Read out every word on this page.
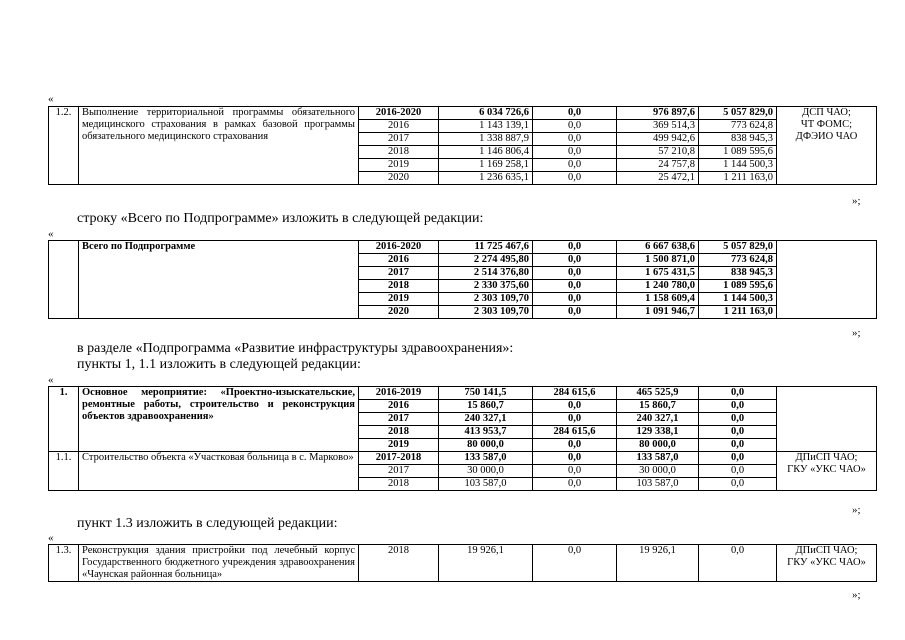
«
1.2.	Выполнение территориальной программы обязательного медицинского страхования в рамках базовой программы обязательного медицинского страхования	2016-2020	6 034 726,6	0,0	976 897,6	5 057 829,0	ДСП ЧАО;
ЧТ ФОМС;
ДФЭИО ЧАО

		2016	1 143 139,1	0,0	369 514,3	773 624,8	
		2017	1 338 887,9	0,0	499 942,6	838 945,3	
		2018	1 146 806,4	0,0	57 210,8	1 089 595,6	
		2019	1 169 258,1	0,0	24 757,8	1 144 500,3	
		2020	1 236 635,1	0,0	25 472,1	1 211 163,0	
»;
строку «Всего по Подпрограмме» изложить в следующей редакции:
«
	Всего по Подпрограмме	2016-2020	11 725 467,6	0,0	6 667 638,6	5 057 829,0	
		2016	2 274 495,80	0,0	1 500 871,0	773 624,8	
		2017	2 514 376,80	0,0	1 675 431,5	838 945,3	
		2018	2 330 375,60	0,0	1 240 780,0	1 089 595,6	
		2019	2 303 109,70	0,0	1 158 609,4	1 144 500,3	
		2020	2 303 109,70	0,0	1 091 946,7	1 211 163,0	
»;
в разделе «Подпрограмма «Развитие инфраструктуры здравоохранения»:
пункты 1, 1.1 изложить в следующей редакции:
«
1.	Основное мероприятие: «Проектно-изыскательские, ремонтные работы, строительство и реконструкция объектов здравоохранения»	2016-2019	750 141,5	284 615,6	465 525,9	0,0	
		2016	15 860,7	0,0	15 860,7	0,0	
		2017	240 327,1	0,0	240 327,1	0,0	
		2018	413 953,7	284 615,6	129 338,1	0,0	
		2019	80 000,0	0,0	80 000,0	0,0	
1.1.	Строительство объекта «Участковая больница в с. Марково»	2017-2018	133 587,0	0,0	133 587,0	0,0	ДПиСП ЧАО;
ГКУ «УКС ЧАО»

		2017	30 000,0	0,0	30 000,0	0,0	
		2018	103 587,0	0,0	103 587,0	0,0	
»;
пункт 1.3 изложить в следующей редакции:
«
1.3.	Реконструкция здания пристройки под лечебный корпус Государственного бюджетного учреждения здравоохранения «Чаунская районная больница»	2018	19 926,1	0,0	19 926,1	0,0	ДПиСП ЧАО;
ГКУ «УКС ЧАО»
»;
